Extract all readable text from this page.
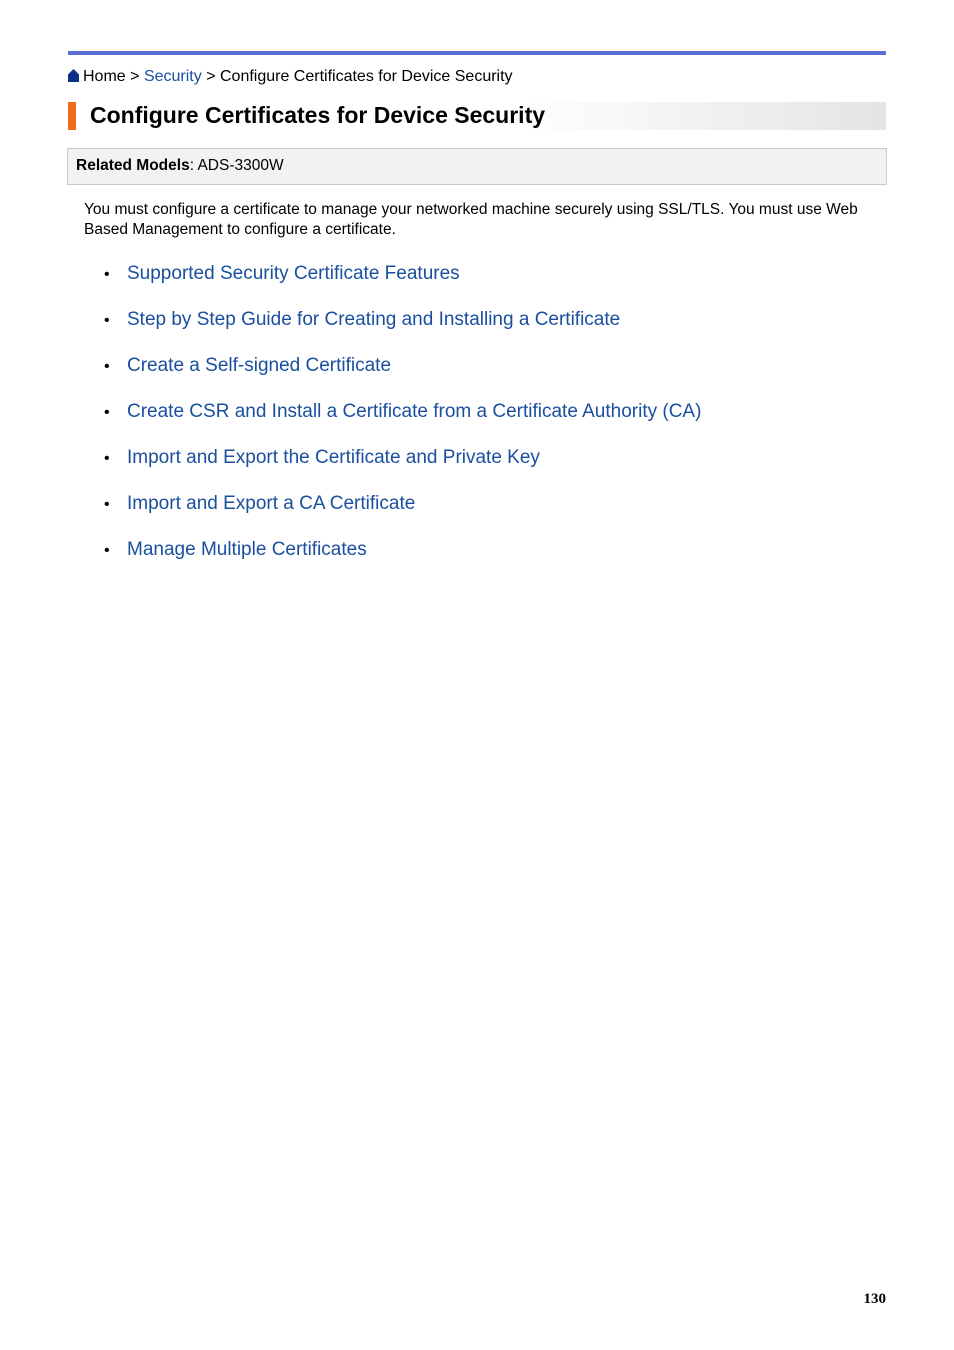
Home > Security > Configure Certificates for Device Security
Configure Certificates for Device Security
Related Models: ADS-3300W

You must configure a certificate to manage your networked machine securely using SSL/TLS. You must use Web Based Management to configure a certificate.

• Supported Security Certificate Features
• Step by Step Guide for Creating and Installing a Certificate
• Create a Self-signed Certificate
• Create CSR and Install a Certificate from a Certificate Authority (CA)
• Import and Export the Certificate and Private Key
• Import and Export a CA Certificate
• Manage Multiple Certificates
130
